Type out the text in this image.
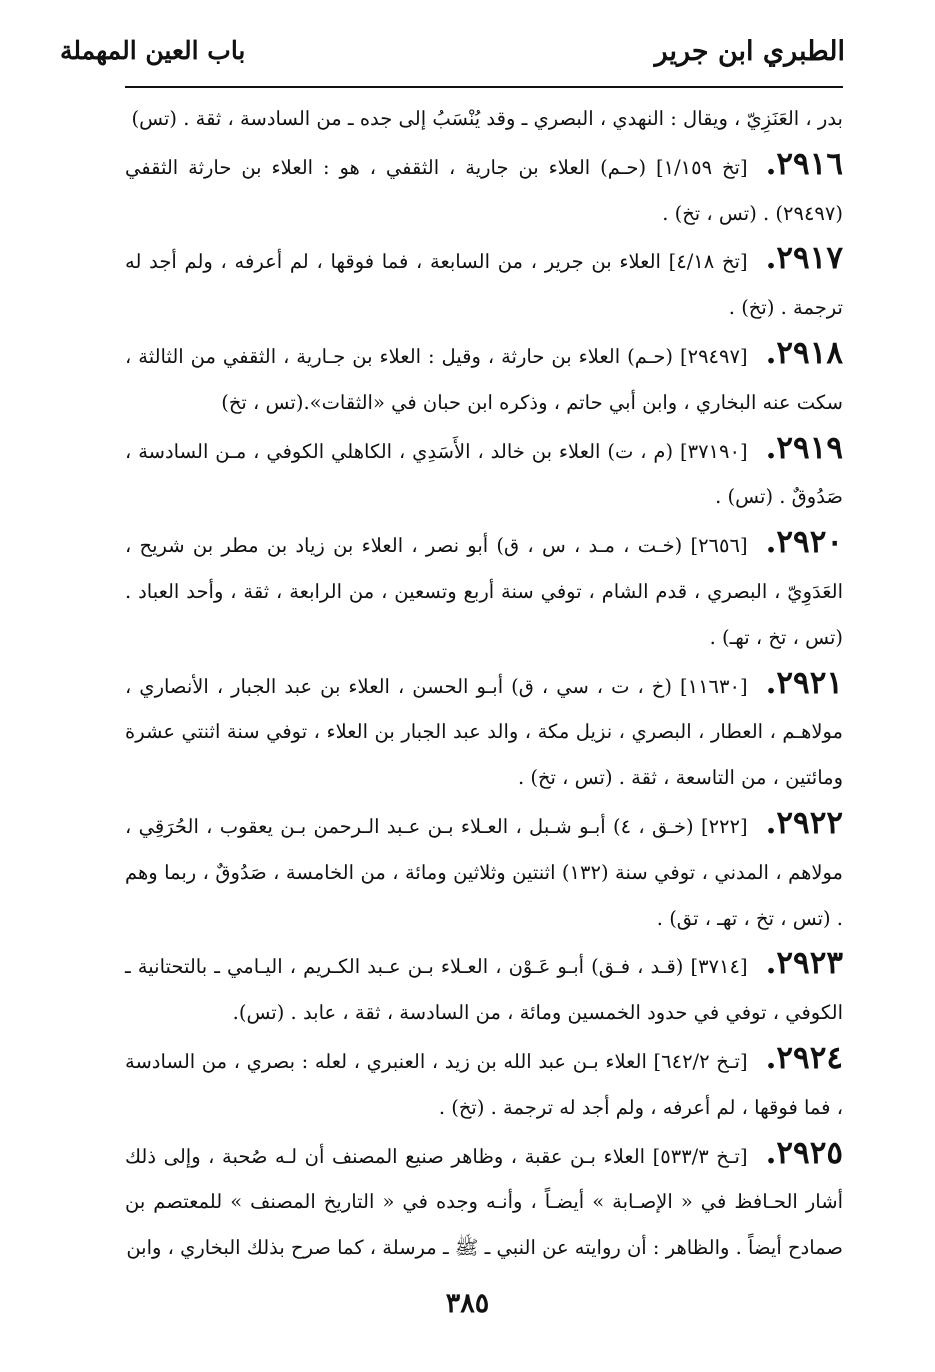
الطبري ابن جرير
باب العين المهملة

بدر ، العَنَزِيّ ، ويقال : النهدي ، البصري ـ وقد يُنْسَبُ إلى جده ـ من السادسة ، ثقة . (تس)

٢٩١٦.[تخ ١/١٥٩] (حـم) العلاء بن جارية ، الثقفي ، هو : العلاء بن حارثة الثقفي (٢٩٤٩٧) . (تس ، تخ) .

٢٩١٧.[تخ ٤/١٨] العلاء بن جرير ، من السابعة ، فما فوقها ، لم أعرفه ، ولم أجد له ترجمة . (تخ) .

٢٩١٨.[٢٩٤٩٧] (حـم) العلاء بن حارثة ، وقيل : العلاء بن جـارية ، الثقفي من الثالثة ، سكت عنه البخاري ، وابن أبي حاتم ، وذكره ابن حبان في «الثقات».(تس ، تخ)

٢٩١٩.[٣٧١٩٠] (م ، ت) العلاء بن خالد ، الأَسَدِي ، الكاهلي الكوفي ، مـن السادسة ، صَدُوقٌ . (تس) .

٢٩٢٠.[٢٦٥٦] (خـت ، مـد ، س ، ق) أبو نصر ، العلاء بن زياد بن مطر بن شريح ، العَدَوِيّ ، البصري ، قدم الشام ، توفي سنة أربع وتسعين ، من الرابعة ، ثقة ، وأحد العباد . (تس ، تخ ، تهـ) .

٢٩٢١.[١١٦٣٠] (خ ، ت ، سي ، ق) أبـو الحسن ، العلاء بن عبد الجبار ، الأنصاري ، مولاهـم ، العطار ، البصري ، نزيل مكة ، والد عبد الجبار بن العلاء ، توفي سنة اثنتي عشرة ومائتين ، من التاسعة ، ثقة . (تس ، تخ) .

٢٩٢٢.[٢٢٢] (خـق ، ٤) أبـو شـبل ، العـلاء بـن عـبد الـرحمن بـن يعقوب ، الحُرَقِي ، مولاهم ، المدني ، توفي سنة (١٣٢) اثنتين وثلاثين ومائة ، من الخامسة ، صَدُوقٌ ، ربما وهم . (تس ، تخ ، تهـ ، تق) .

٢٩٢٣.[٣٧١٤] (قـد ، فـق) أبـو عَـوْن ، العـلاء بـن عـبد الكـريم ، اليـامي ـ بالتحتانية ـ الكوفي ، توفي في حدود الخمسين ومائة ، من السادسة ، ثقة ، عابد . (تس).

٢٩٢٤.[تـخ ٦٤٢/٢] العلاء بـن عبد الله بن زيد ، العنبري ، لعله : بصري ، من السادسة ، فما فوقها ، لم أعرفه ، ولم أجد له ترجمة . (تخ) .

٢٩٢٥.[تـخ ٥٣٣/٣] العلاء بـن عقبة ، وظاهر صنيع المصنف أن لـه صُحبة ، وإلى ذلك أشار الحـافظ في « الإصـابة » أيضـاً ، وأنـه وجده في « التاريخ المصنف » للمعتصم بن صمادح أيضاً . والظاهر : أن روايته عن النبي ـ ﷺ ـ مرسلة ، كما صرح بذلك البخاري ، وابن

٣٨٥
